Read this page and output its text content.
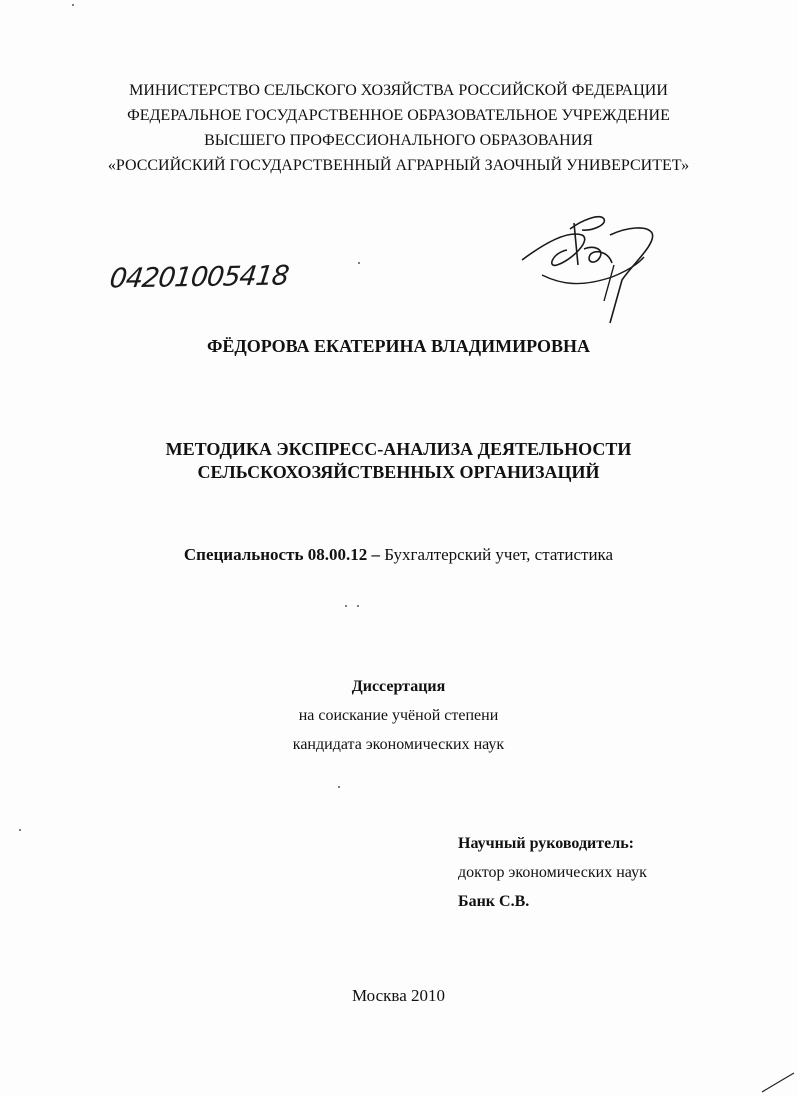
МИНИСТЕРСТВО СЕЛЬСКОГО ХОЗЯЙСТВА РОССИЙСКОЙ ФЕДЕРАЦИИ
ФЕДЕРАЛЬНОЕ ГОСУДАРСТВЕННОЕ ОБРАЗОВАТЕЛЬНОЕ УЧРЕЖДЕНИЕ
ВЫСШЕГО ПРОФЕССИОНАЛЬНОГО ОБРАЗОВАНИЯ
«РОССИЙСКИЙ ГОСУДАРСТВЕННЫЙ АГРАРНЫЙ ЗАОЧНЫЙ УНИВЕРСИТЕТ»
04201005418
ФЁДОРОВА ЕКАТЕРИНА ВЛАДИМИРОВНА
МЕТОДИКА ЭКСПРЕСС-АНАЛИЗА ДЕЯТЕЛЬНОСТИ
СЕЛЬСКОХОЗЯЙСТВЕННЫХ ОРГАНИЗАЦИЙ
Специальность 08.00.12 – Бухгалтерский учет, статистика
Диссертация
на соискание учёной степени
кандидата экономических наук
Научный руководитель:
доктор экономических наук
Банк С.В.
Москва 2010
